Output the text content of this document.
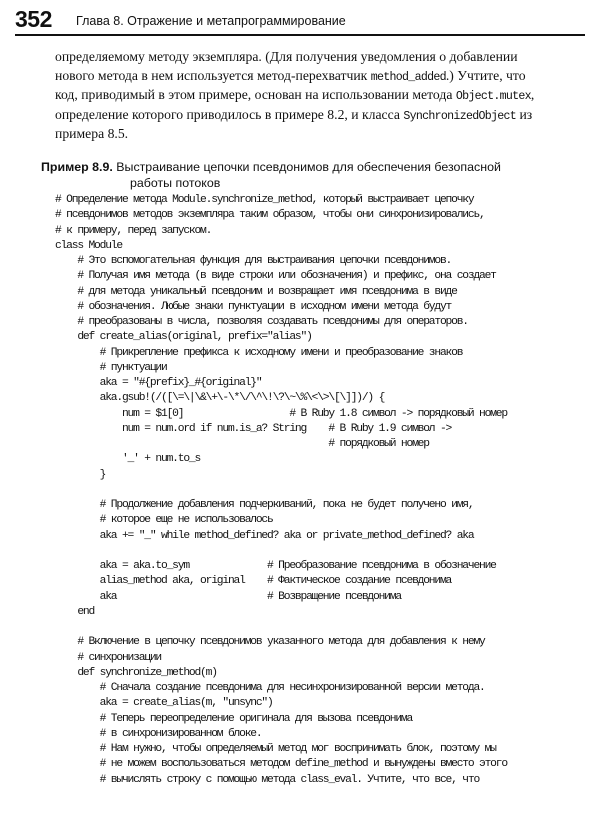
352 Глава 8. Отражение и метапрограммирование
определяемому методу экземпляра. (Для получения уведомления о добавлении
нового метода в нем используется метод-перехватчик method_added.) Учтите, что
код, приводимый в этом примере, основан на использовании метода Object.mutex,
определение которого приводилось в примере 8.2, и класса SynchronizedObject из
примера 8.5.
Пример 8.9. Выстраивание цепочки псевдонимов для обеспечения безопасной
работы потоков
# Определение метода Module.synchronize_method, который выстраивает цепочку
# псевдонимов методов экземпляра таким образом, чтобы они синхронизировались,
# к примеру, перед запуском.
class Module
# Это вспомогательная функция для выстраивания цепочки псевдонимов.
# Получая имя метода (в виде строки или обозначения) и префикс, она создает
# для метода уникальный псевдоним и возвращает имя псевдонима в виде
# обозначения. Любые знаки пунктуации в исходном имени метода будут
# преобразованы в числа, позволяя создавать псевдонимы для операторов.
def create_alias(original, prefix="alias")
# Прикрепление префикса к исходному имени и преобразование знаков
# пунктуации
aka = "#{prefix}_#{original}"
aka.gsub!(/([\=\|\&\+\-\*\/\^\!\?\~\%\<\>\[\]])/) {
num = $1[0]                   # В Ruby 1.8 символ -> порядковый номер
num = num.ord if num.is_a? String    # В Ruby 1.9 символ ->
# порядковый номер
'_' + num.to_s
}
# Продолжение добавления подчеркиваний, пока не будет получено имя,
# которое еще не использовалось
aka += "_" while method_defined? aka or private_method_defined? aka
aka = aka.to_sym              # Преобразование псевдонима в обозначение
alias_method aka, original    # Фактическое создание псевдонима
aka                           # Возвращение псевдонима
end
# Включение в цепочку псевдонимов указанного метода для добавления к нему
# синхронизации
def synchronize_method(m)
# Сначала создание псевдонима для несинхронизированной версии метода.
aka = create_alias(m, "unsync")
# Теперь переопределение оригинала для вызова псевдонима
# в синхронизированном блоке.
# Нам нужно, чтобы определяемый метод мог воспринимать блок, поэтому мы
# не можем воспользоваться методом define_method и вынуждены вместо этого
# вычислять строку с помощью метода class_eval. Учтите, что все, что
